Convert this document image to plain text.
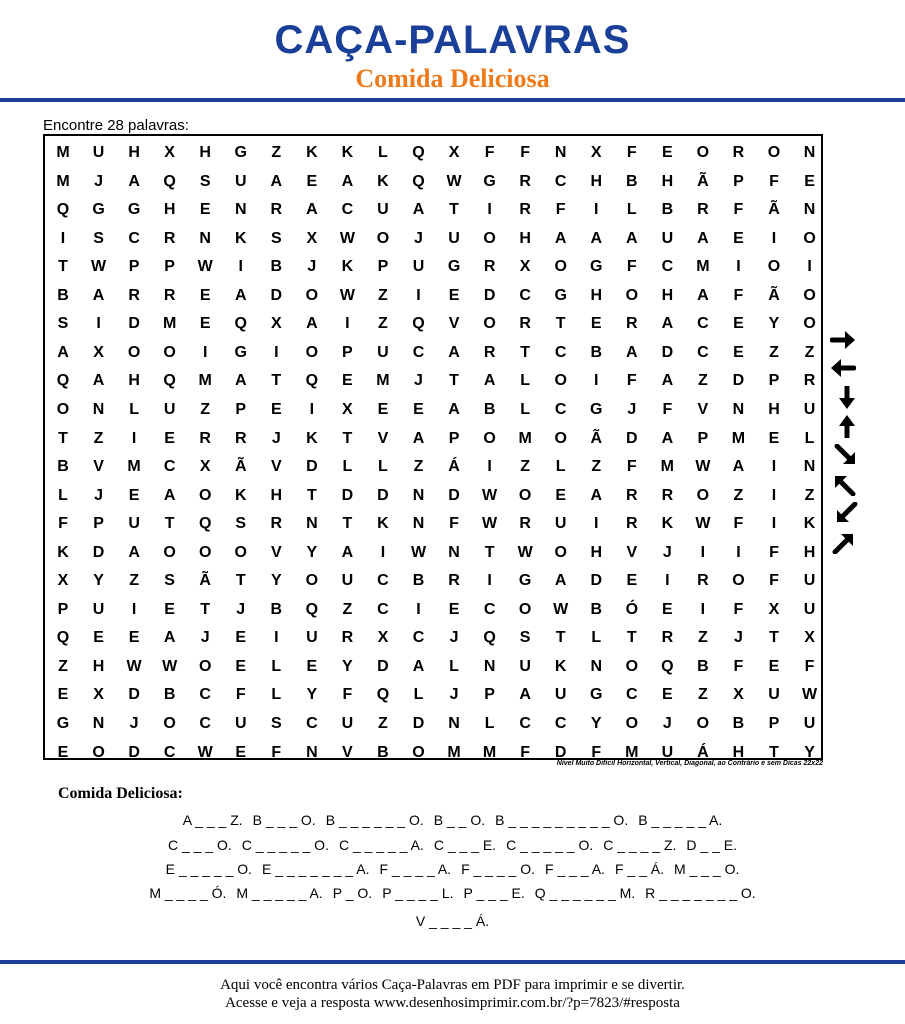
CAÇA-PALAVRAS
Comida Deliciosa
Encontre 28 palavras:
M	U	H	X	H	G	Z	K	K	L	Q	X	F	F	N	X	F	E	O	R	O	N
M	J	A	Q	S	U	A	E	A	K	Q	W	G	R	C	H	B	H	Ã	P	F	E
Q	G	G	H	E	N	R	A	C	U	A	T	I	R	F	I	L	B	R	F	Ã	N
I	S	C	R	N	K	S	X	W	O	J	U	O	H	A	A	A	U	A	E	I	O
T	W	P	P	W	I	B	J	K	P	U	G	R	X	O	G	F	C	M	I	O	I
B	A	R	R	E	A	D	O	W	Z	I	E	D	C	G	H	O	H	A	F	Ã	O
S	I	D	M	E	Q	X	A	I	Z	Q	V	O	R	T	E	R	A	C	E	Y	O
A	X	O	O	I	G	I	O	P	U	C	A	R	T	C	B	A	D	C	E	Z	Z
Q	A	H	Q	M	A	T	Q	E	M	J	T	A	L	O	I	F	A	Z	D	P	R
O	N	L	U	Z	P	E	I	X	E	E	A	B	L	C	G	J	F	V	N	H	U
T	Z	I	E	R	R	J	K	T	V	A	P	O	M	O	Ã	D	A	P	M	E	L
B	V	M	C	X	Ã	V	D	L	L	Z	Á	I	Z	L	Z	F	M	W	A	I	N
L	J	E	A	O	K	H	T	D	D	N	D	W	O	E	A	R	R	O	Z	I	Z
F	P	U	T	Q	S	R	N	T	K	N	F	W	R	U	I	R	K	W	F	I	K
K	D	A	O	O	O	V	Y	A	I	W	N	T	W	O	H	V	J	I	I	F	H
X	Y	Z	S	Ã	T	Y	O	U	C	B	R	I	G	A	D	E	I	R	O	F	U
P	U	I	E	T	J	B	Q	Z	C	I	E	C	O	W	B	Ó	E	I	F	X	U
Q	E	E	A	J	E	I	U	R	X	C	J	Q	S	T	L	T	R	Z	J	T	X
Z	H	W	W	O	E	L	E	Y	D	A	L	N	U	K	N	O	Q	B	F	E	F
E	X	D	B	C	F	L	Y	F	Q	L	J	P	A	U	G	C	E	Z	X	U	W
G	N	J	O	C	U	S	C	U	Z	D	N	L	C	C	Y	O	J	O	B	P	U
E	O	D	C	W	E	F	N	V	B	O	M	M	F	D	F	M	U	Á	H	T	Y
Nível Muito Difícil Horizontal, Vertical, Diagonal, ao Contrário e sem Dicas 22x22
Comida Deliciosa:
A _ _ _ Z. B _ _ _ O. B _ _ _ _ _ _ O. B _ _ O. B _ _ _ _ _ _ _ _ _ O. B _ _ _ _ _ A.
C _ _ _ O. C _ _ _ _ _ O. C _ _ _ _ _ A. C _ _ _ E. C _ _ _ _ _ O. C _ _ _ _ Z. D _ _ E.
E _ _ _ _ _ O. E _ _ _ _ _ _ _ A. F _ _ _ _ A. F _ _ _ _ O. F _ _ _ A. F _ _ Á. M _ _ _ O.
M _ _ _ _ Ó. M _ _ _ _ _ A. P _ O. P _ _ _ _ L. P _ _ _ E. Q _ _ _ _ _ _ M. R _ _ _ _ _ _ _ O.
V _ _ _ _ Á.
Aqui você encontra vários Caça-Palavras em PDF para imprimir e se divertir.
Acesse e veja a resposta www.desenhosimprimir.com.br/?p=7823/#resposta
